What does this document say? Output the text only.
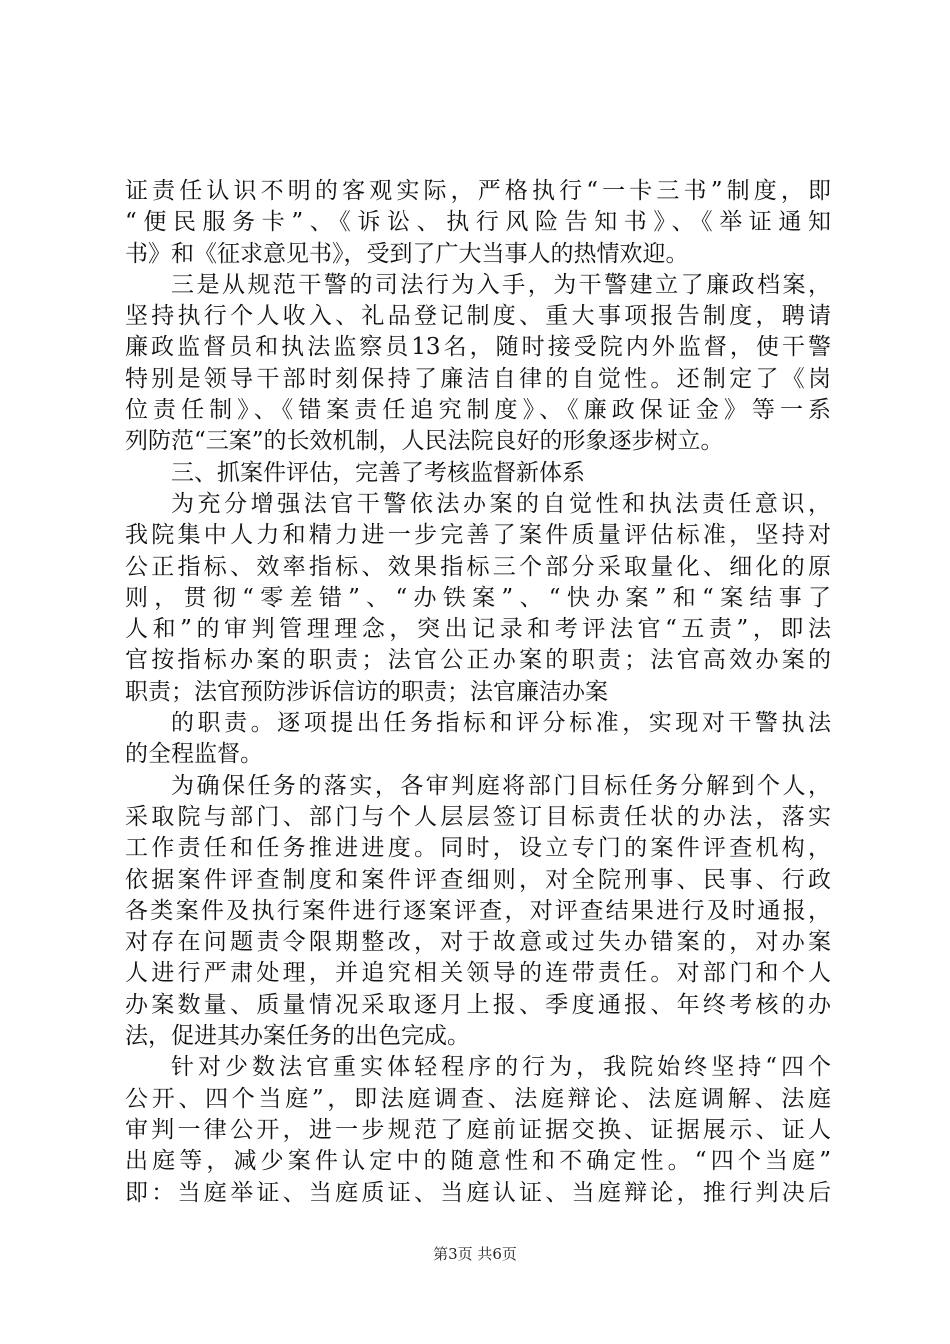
证责任认识不明的客观实际，严格执行“一卡三书”制度，即
“便民服务卡”、《诉讼、执行风险告知书》、《举证通知
书》和《征求意见书》，受到了广大当事人的热情欢迎。
三是从规范干警的司法行为入手，为干警建立了廉政档案，
坚持执行个人收入、礼品登记制度、重大事项报告制度，聘请
廉政监督员和执法监察员13名，随时接受院内外监督，使干警
特别是领导干部时刻保持了廉洁自律的自觉性。还制定了《岗
位责任制》、《错案责任追究制度》、《廉政保证金》等一系
列防范“三案”的长效机制，人民法院良好的形象逐步树立。
三、抓案件评估，完善了考核监督新体系
为充分增强法官干警依法办案的自觉性和执法责任意识，
我院集中人力和精力进一步完善了案件质量评估标准，坚持对
公正指标、效率指标、效果指标三个部分采取量化、细化的原
则，贯彻“零差错”、“办铁案”、“快办案”和“案结事了
人和”的审判管理理念，突出记录和考评法官“五责”，即法
官按指标办案的职责；法官公正办案的职责；法官高效办案的
职责；法官预防涉诉信访的职责；法官廉洁办案
的职责。逐项提出任务指标和评分标准，实现对干警执法
的全程监督。
为确保任务的落实，各审判庭将部门目标任务分解到个人，
采取院与部门、部门与个人层层签订目标责任状的办法，落实
工作责任和任务推进进度。同时，设立专门的案件评查机构，
依据案件评查制度和案件评查细则，对全院刑事、民事、行政
各类案件及执行案件进行逐案评查，对评查结果进行及时通报，
对存在问题责令限期整改，对于故意或过失办错案的，对办案
人进行严肃处理，并追究相关领导的连带责任。对部门和个人
办案数量、质量情况采取逐月上报、季度通报、年终考核的办
法，促进其办案任务的出色完成。
针对少数法官重实体轻程序的行为，我院始终坚持“四个
公开、四个当庭”，即法庭调查、法庭辩论、法庭调解、法庭
审判一律公开，进一步规范了庭前证据交换、证据展示、证人
出庭等，减少案件认定中的随意性和不确定性。“四个当庭”
即：当庭举证、当庭质证、当庭认证、当庭辩论，推行判决后
第3页 共6页
